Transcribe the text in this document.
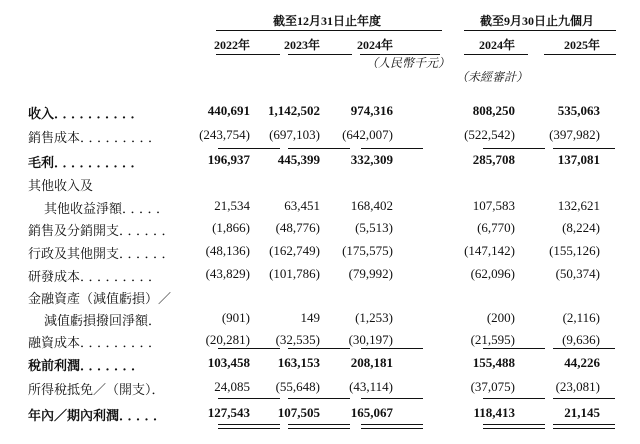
截至12月31日止年度	截至9月30日止九個月
2022年	2023年	2024年	2024年	2025年
（人民幣千元）
（未經審計）
收入．．．．．．．．．．	440,691	1,142,502	974,316	808,250	535,063
銷售成本．．．．．．．．．	(243,754)	(697,103)	(642,007)	(522,542)	(397,982)
毛利．．．．．．．．．．	196,937	445,399	332,309	285,708	137,081
其他收入及
其他收益淨額．．．．．	21,534	63,451	168,402	107,583	132,621
銷售及分銷開支．．．．．．	(1,866)	(48,776)	(5,513)	(6,770)	(8,224)
行政及其他開支．．．．．．	(48,136)	(162,749)	(175,575)	(147,142)	(155,126)
研發成本．．．．．．．．．	(43,829)	(101,786)	(79,992)	(62,096)	(50,374)
金融資產（減值虧損）／
減值虧損撥回淨額．	(901)	149	(1,253)	(200)	(2,116)
融資成本．．．．．．．．．	(20,281)	(32,535)	(30,197)	(21,595)	(9,636)
稅前利潤．．．．．．．	103,458	163,153	208,181	155,488	44,226
所得稅抵免／（開支）．	24,085	(55,648)	(43,114)	(37,075)	(23,081)
年內／期內利潤．．．．．	127,543	107,505	165,067	118,413	21,145
